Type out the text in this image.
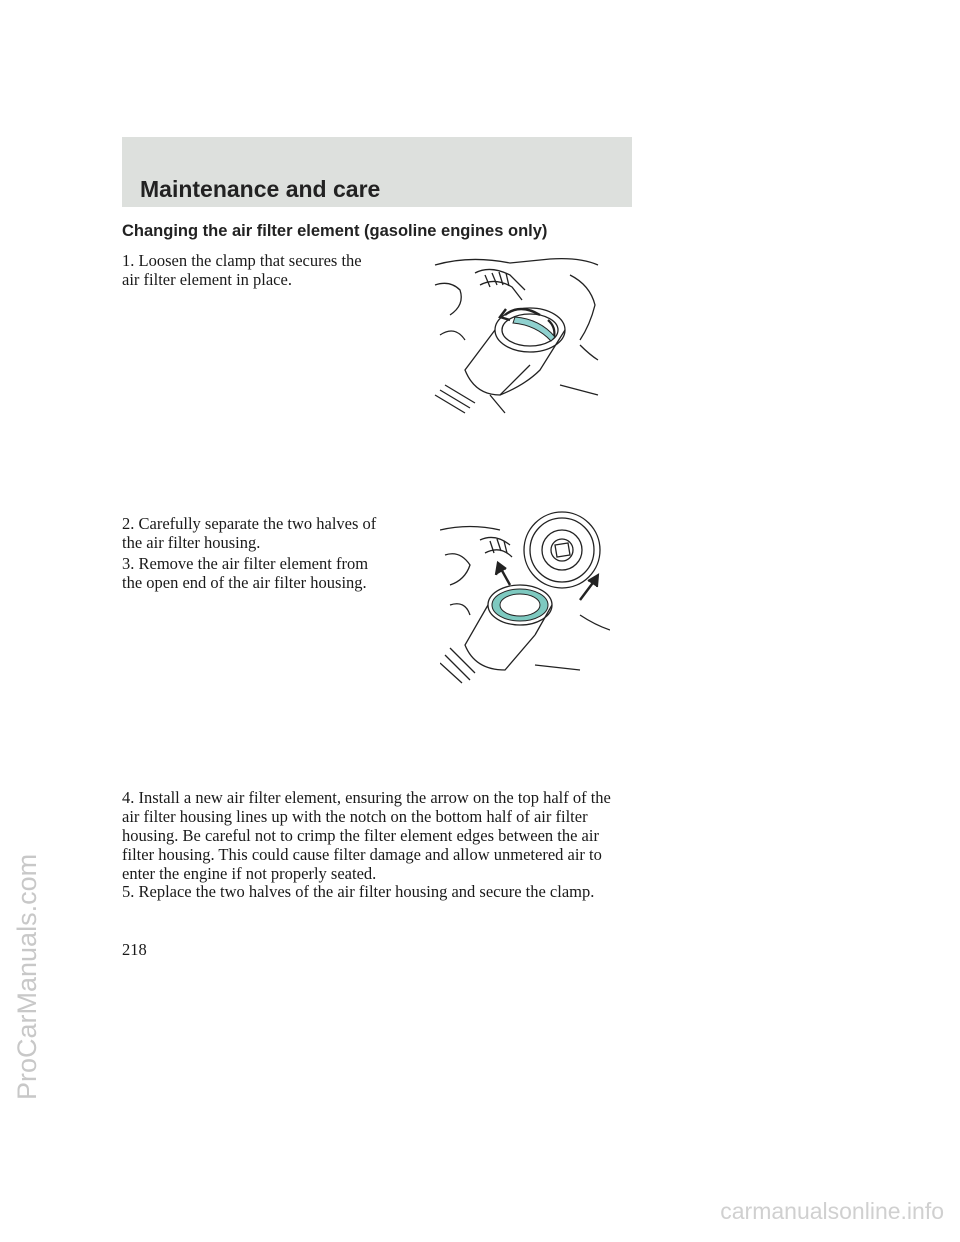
Maintenance and care
Changing the air filter element (gasoline engines only)

1. Loosen the clamp that secures the air filter element in place.

2. Carefully separate the two halves of the air filter housing.

3. Remove the air filter element from the open end of the air filter housing.

4. Install a new air filter element, ensuring the arrow on the top half of the air filter housing lines up with the notch on the bottom half of air filter housing. Be careful not to crimp the filter element edges between the air filter housing. This could cause filter damage and allow unmetered air to enter the engine if not properly seated.

5. Replace the two halves of the air filter housing and secure the clamp.

218

ProCarManuals.com
carmanualsonline.info
